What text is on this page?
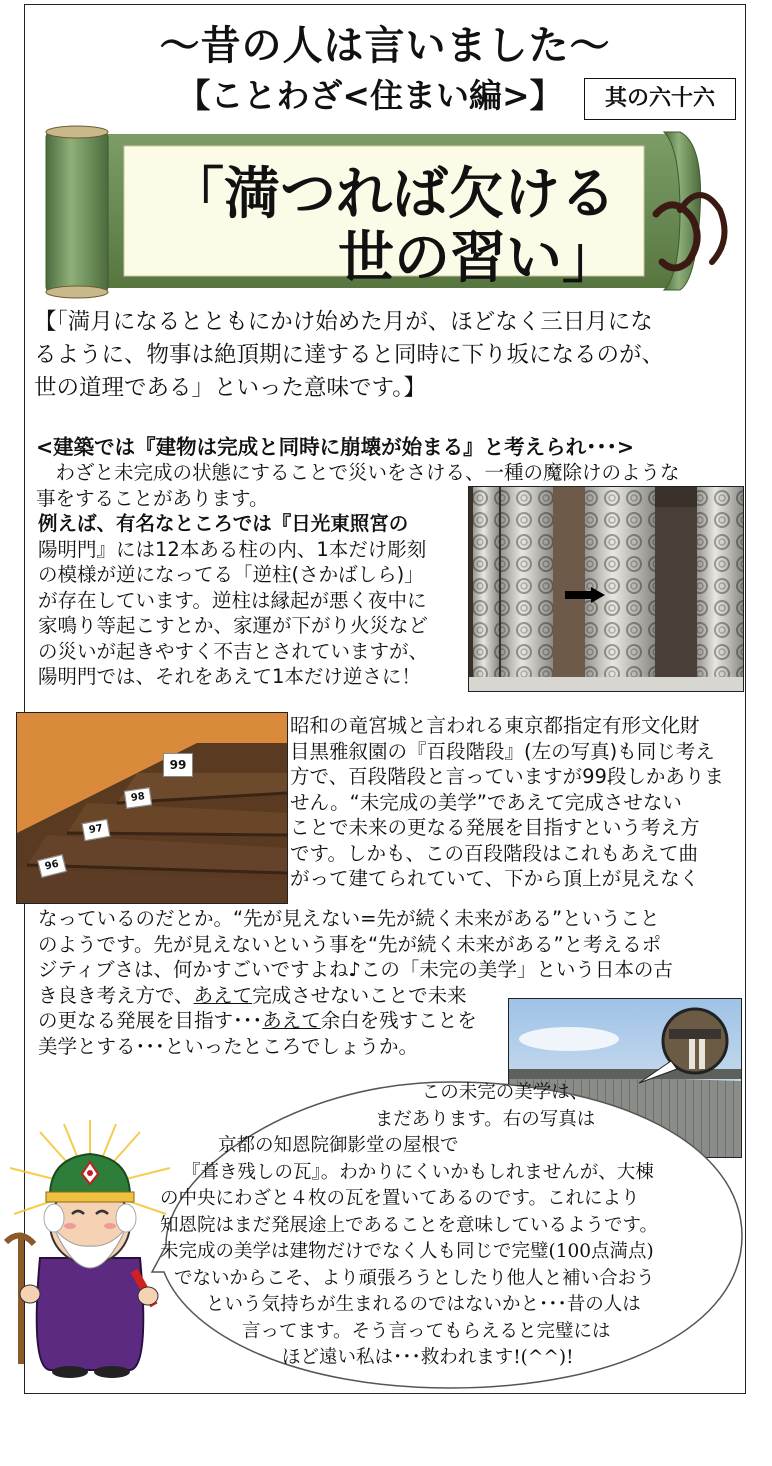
～昔の人は言いました～
【ことわざ<住まい編>】	其の六十六
「満つれば欠ける
世の習い」

【「満月になるとともにかけ始めた月が、ほどなく三日月にな

るように、物事は絶頂期に達すると同時に下り坂になるのが、

世の道理である」といった意味です。】

<建築では『建物は完成と同時に崩壊が始まる』と考えられ･･･>

　わざと未完成の状態にすることで災いをさける、一種の魔除けのような

事をすることがあります。

例えば、有名なところでは『日光東照宮の

陽明門』には12本ある柱の内、1本だけ彫刻

の模様が逆になってる「逆柱(さかばしら)」

が存在しています。逆柱は縁起が悪く夜中に

家鳴り等起こすとか、家運が下がり火災など

の災いが起きやすく不吉とされていますが、

陽明門では、それをあえて1本だけ逆さに！

99
98
97
96

昭和の竜宮城と言われる東京都指定有形文化財

目黒雅叙園の『百段階段』(左の写真)も同じ考え

方で、百段階段と言っていますが99段しかありま

せん。“未完成の美学”であえて完成させない

ことで未来の更なる発展を目指すという考え方

です。しかも、この百段階段はこれもあえて曲

がって建てられていて、下から頂上が見えなく

なっているのだとか。“先が見えない=先が続く未来がある”ということ

のようです。先が見えないという事を“先が続く未来がある”と考えるポ

ジティブさは、何かすごいですよね♪この「未完の美学」という日本の古

き良き考え方で、あえて完成させないことで未来

の更なる発展を目指す･･･あえて余白を残すことを

美学とする･･･といったところでしょうか。

この未完の美学は、

まだあります。右の写真は

京都の知恩院御影堂の屋根で

『葺き残しの瓦』。わかりにくいかもしれませんが、大棟

の中央にわざと４枚の瓦を置いてあるのです。これにより

知恩院はまだ発展途上であることを意味しているようです。

未完成の美学は建物だけでなく人も同じで完璧(100点満点)

でないからこそ、より頑張ろうとしたり他人と補い合おう

という気持ちが生まれるのではないかと･･･昔の人は

言ってます。そう言ってもらえると完璧には

ほど遠い私は･･･救われます!(^^)!
